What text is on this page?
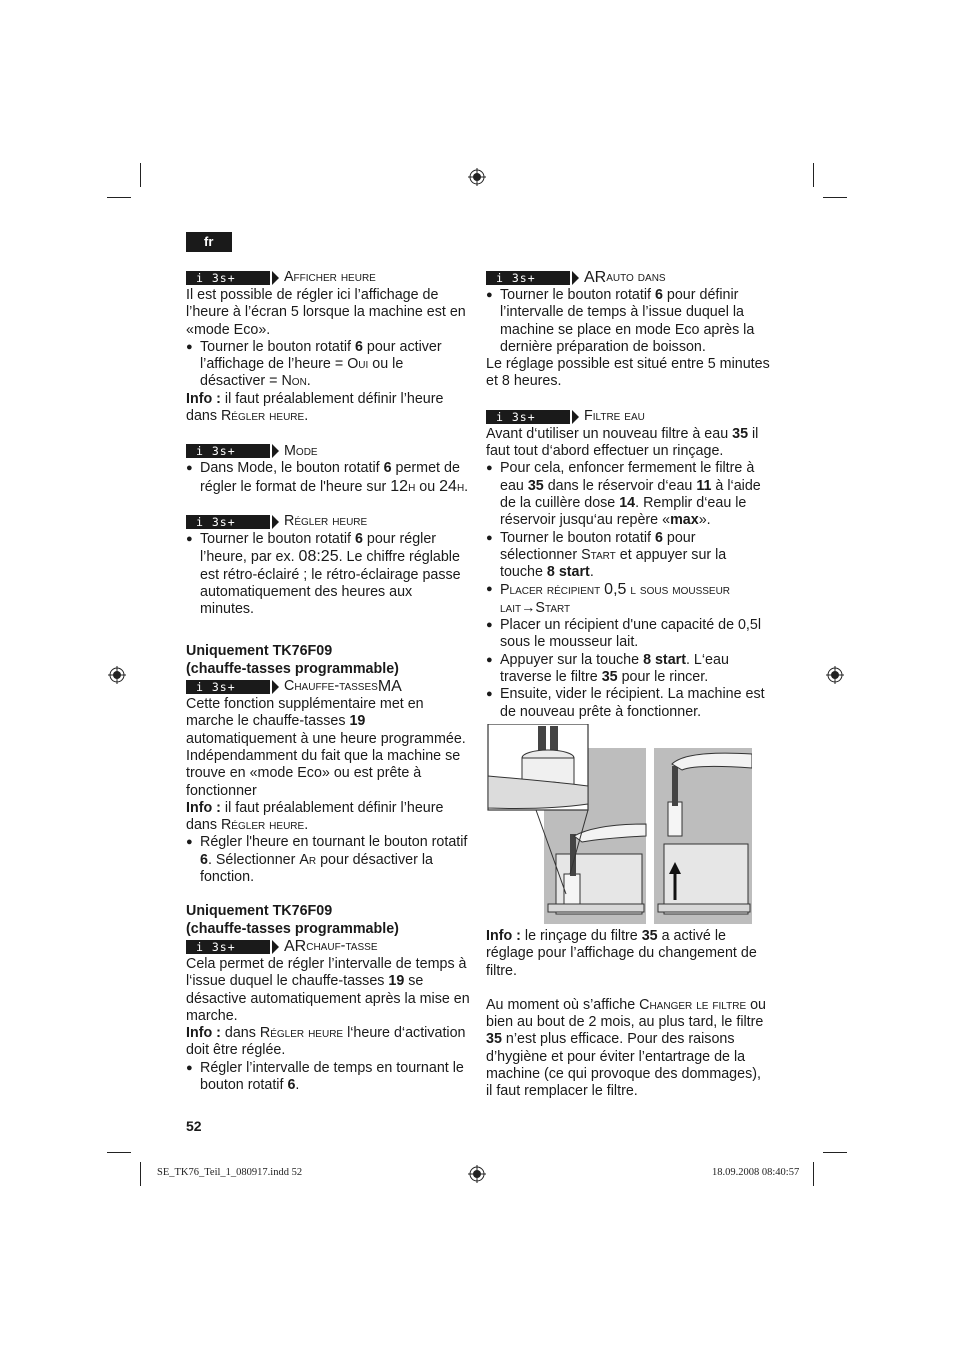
fr
i 3s+	Afficher heure

Il est possible de régler ici l’affichage de l’heure à l’écran 5 lorsque la machine est en «mode Eco».

● Tourner le bouton rotatif 6 pour activer l’affichage de l’heure = Oui ou le désactiver = Non.

Info : il faut préalablement définir l’heure dans Régler heure.

i 3s+	Mode

● Dans Mode, le bouton rotatif 6 permet de régler le format de l'heure sur 12h ou 24h.

i 3s+	Régler heure

● Tourner le bouton rotatif 6 pour régler l’heure, par ex. 08:25. Le chiffre réglable est rétro-éclairé ; le rétro-éclairage passe automatiquement des heures aux minutes.

Uniquement TK76F09

(chauffe-tasses programmable)

i 3s+	Chauffe-tasses MA

Cette fonction supplémentaire met en marche le chauffe-tasses 19 automatiquement à une heure programmée. Indépendamment du fait que la machine se trouve en «mode Eco» ou est prête à fonctionner

Info : il faut préalablement définir l’heure dans Régler heure.

● Régler l'heure en tournant le bouton rotatif 6. Sélectionner Ar pour désactiver la fonction.

Uniquement TK76F09

(chauffe-tasses programmable)

i 3s+	AR chauf-tasse

Cela permet de régler l’intervalle de temps à l‘issue duquel le chauffe-tasses 19 se désactive automatiquement après la mise en marche.

Info : dans Régler heure l‘heure d‘activation doit être réglée.

● Régler l’intervalle de temps en tournant le bouton rotatif 6.

i 3s+	AR auto dans

● Tourner le bouton rotatif 6 pour définir l’intervalle de temps à l’issue duquel la machine se place en mode Eco après la dernière préparation de boisson.

Le réglage possible est situé entre 5 minutes et 8 heures.

i 3s+	Filtre eau

Avant d‘utiliser un nouveau filtre à eau 35 il faut tout d‘abord effectuer un rinçage.

● Pour cela, enfoncer fermement le filtre à eau 35 dans le réservoir d‘eau 11 à l‘aide de la cuillère dose 14. Remplir d‘eau le réservoir jusqu‘au repère «max».

● Tourner le bouton rotatif 6 pour sélectionner Start et appuyer sur la touche 8 start.

● Placer récipient 0,5 l sous mousseur lait→Start

● Placer un récipient d'une capacité de 0,5l sous le mousseur lait.

● Appuyer sur la touche 8 start. L‘eau traverse le filtre 35 pour le rincer.

● Ensuite, vider le récipient. La machine est de nouveau prête à fonctionner.

Info : le rinçage du filtre 35 a activé le réglage pour l’affichage du changement de filtre.

Au moment où s’affiche Changer le filtre ou bien au bout de 2 mois, au plus tard, le filtre 35 n’est plus efficace. Pour des raisons d’hygiène et pour éviter l’entartrage de la machine (ce qui provoque des dommages), il faut remplacer le filtre.

52
SE_TK76_Teil_1_080917.indd 52	18.09.2008 08:40:57
